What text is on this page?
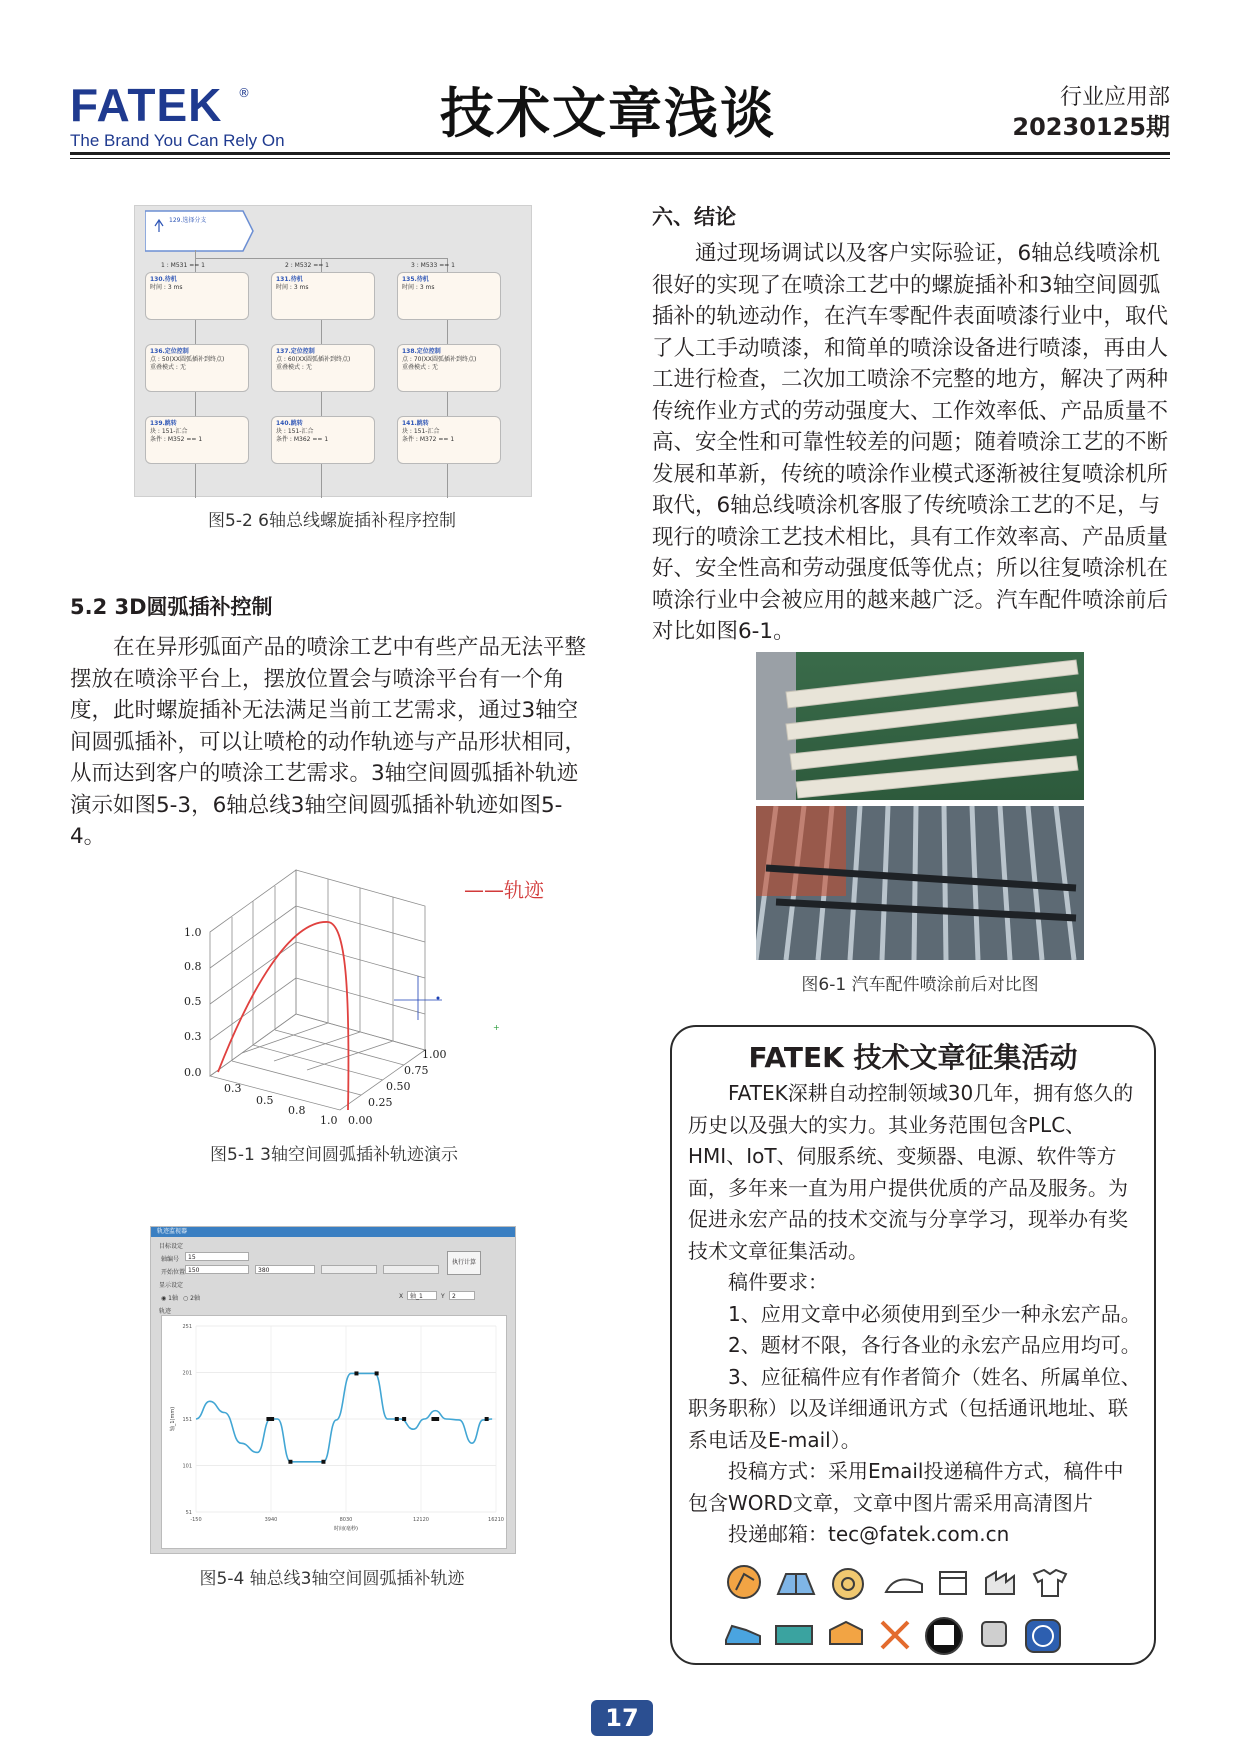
FATEK ®
The Brand You Can Rely On	技术文章浅谈	行业应用部
20230125期
129.选择分支
1 : M531 == 1	2 : M532 == 1	3 : M533 == 1
130.待机
时间 : 3 ms
131.待机
时间 : 3 ms
135.待机
时间 : 3 ms
136.定位控制
点 : 50(XX圆弧插补到终点)
重叠模式 : 无
137.定位控制
点 : 60(XX圆弧插补到终点)
重叠模式 : 无
138.定位控制
点 : 70(XX圆弧插补到终点)
重叠模式 : 无
139.跳转
块 : 151-汇合
条件 : M352 == 1
140.跳转
块 : 151-汇合
条件 : M362 == 1
141.跳转
块 : 151-汇合
条件 : M372 == 1
图5-2 6轴总线螺旋插补程序控制
5.2 3D圆弧插补控制

在在异形弧面产品的喷涂工艺中有些产品无法平整摆放在喷涂平台上，摆放位置会与喷涂平台有一个角度，此时螺旋插补无法满足当前工艺需求，通过3轴空间圆弧插补，可以让喷枪的动作轨迹与产品形状相同，从而达到客户的喷涂工艺需求。3轴空间圆弧插补轨迹演示如图5-3，6轴总线3轴空间圆弧插补轨迹如图5-4。

+
1.0
0.8
0.5
0.3
0.0
0.3
0.5
0.8
1.0 0.00
0.25
0.50
0.75
1.00
——轨迹
图5-1 3轴空间圆弧插补轨迹演示
轨迹监视器
目标设定
轴编号	15
开始位置 150	380
执行计算
显示设定
◉ 1轴 ○ 2轴	X	轴_1	Y	2
轨迹
251
201
151
101
51
-150	3940	8030	12120	16210
时间(毫秒)
轴_1(mm)
图5-4 轴总线3轴空间圆弧插补轨迹
六、结论

通过现场调试以及客户实际验证，6轴总线喷涂机很好的实现了在喷涂工艺中的螺旋插补和3轴空间圆弧插补的轨迹动作，在汽车零配件表面喷漆行业中，取代了人工手动喷漆，和简单的喷涂设备进行喷漆，再由人工进行检查，二次加工喷涂不完整的地方，解决了两种传统作业方式的劳动强度大、工作效率低、产品质量不高、安全性和可靠性较差的问题；随着喷涂工艺的不断发展和革新，传统的喷涂作业模式逐渐被往复喷涂机所取代，6轴总线喷涂机客服了传统喷涂工艺的不足，与现行的喷涂工艺技术相比，具有工作效率高、产品质量好、安全性高和劳动强度低等优点；所以往复喷涂机在喷涂行业中会被应用的越来越广泛。汽车配件喷涂前后对比如图6-1。

图6-1 汽车配件喷涂前后对比图
FATEK 技术文章征集活动

FATEK深耕自动控制领域30几年，拥有悠久的历史以及强大的实力。其业务范围包含PLC、HMI、IoT、伺服系统、变频器、电源、软件等方面，多年来一直为用户提供优质的产品及服务。为促进永宏产品的技术交流与分享学习，现举办有奖技术文章征集活动。

稿件要求：

1、应用文章中必须使用到至少一种永宏产品。

2、题材不限，各行各业的永宏产品应用均可。

3、应征稿件应有作者简介（姓名、所属单位、职务职称）以及详细通讯方式（包括通讯地址、联系电话及E-mail）。

投稿方式：采用Email投递稿件方式，稿件中包含WORD文章，文章中图片需采用高清图片

投递邮箱：tec@fatek.com.cn

17
